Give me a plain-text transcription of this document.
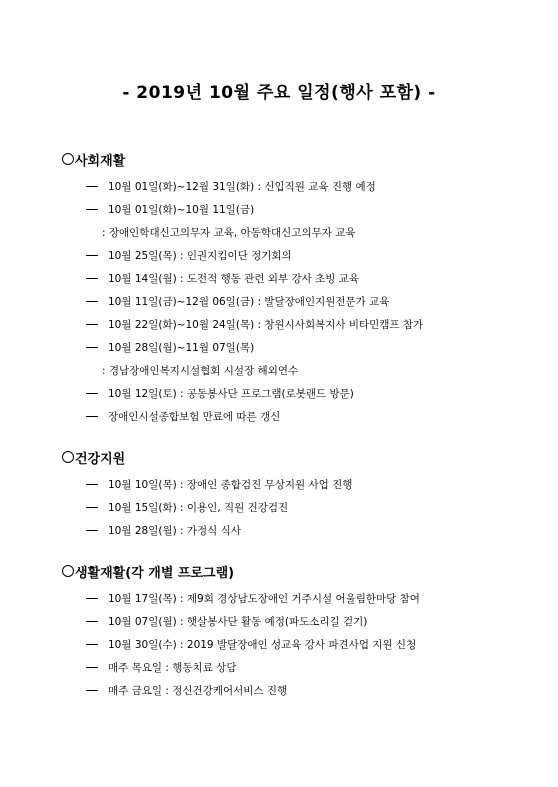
- 2019년 10월 주요 일정(행사 포함) -
사회재활
10월 01일(화)~12월 31일(화) : 신입직원 교육 진행 예정
10월 01일(화)~10월 11일(금)
: 장애인학대신고의무자 교육, 아동학대신고의무자 교육
10월 25일(목) : 인권지킴이단 정기회의
10월 14일(월) : 도전적 행동 관련 외부 강사 초빙 교육
10월 11일(금)~12월 06일(금) : 발달장애인지원전문가 교육
10월 22일(화)~10월 24일(목) : 창원시사회복지사 비타민캠프 참가
10월 28일(월)~11월 07일(목)
: 경남장애인복지시설협회 시설장 해외연수
10월 12일(토) : 공동봉사단 프로그램(로봇랜드 방문)
장애인시설종합보험 만료에 따른 갱신
건강지원
10월 10일(목) : 장애인 종합검진 무상지원 사업 진행
10월 15일(화) : 이용인, 직원 건강검진
10월 28일(월) : 가정식 식사
생활재활(각 개별 프로그램)
10월 17일(목) : 제9회 경상남도장애인 거주시설 어울림한마당 참여
10월 07일(월) : 햇살봉사단 활동 예정(파도소리길 걷기)
10월 30일(수) : 2019 발달장애인 성교육 강사 파견사업 지원 신청
매주 목요일 : 행동치료 상담
매주 금요일 : 정신건강케어서비스 진행
